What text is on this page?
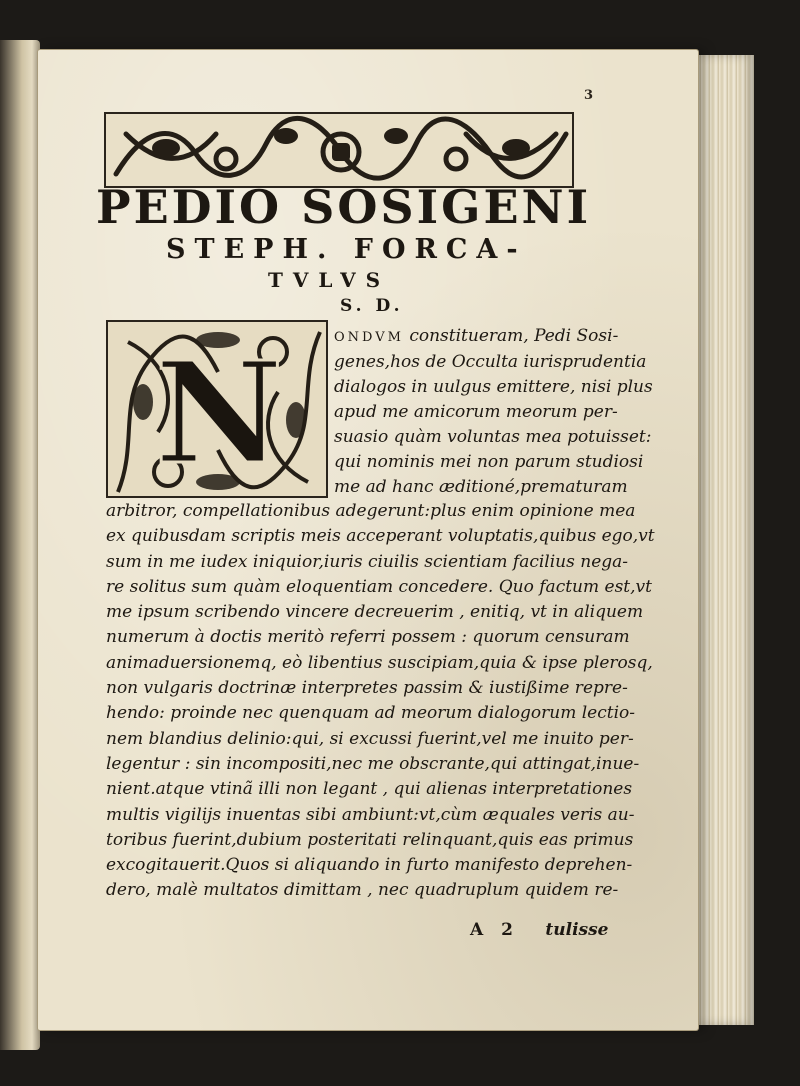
3
PEDIO SOSIGENI
STEPH. FORCA-
TVLVS
S. D.
N	ONDVM constitueram, Pedi Sosi-
genes,hos de Occulta iurisprudentia
dialogos in uulgus emittere, nisi plus
apud me amicorum meorum per-
suasio quàm voluntas mea potuisset:
qui nominis mei non parum studiosi
me ad hanc æditioné,prematuram
arbitror, compellationibus adegerunt:plus enim opinione mea
ex quibusdam scriptis meis acceperant voluptatis,quibus ego,vt
sum in me iudex iniquior,iuris ciuilis scientiam facilius nega-
re solitus sum quàm eloquentiam concedere. Quo factum est,vt
me ipsum scribendo vincere decreuerim , enitiq, vt in aliquem
numerum à doctis meritò referri possem : quorum censuram
animaduersionemq, eò libentius suscipiam,quia & ipse plerosq,
non vulgaris doctrinæ interpretes passim & iustißime repre-
hendo: proinde nec quenquam ad meorum dialogorum lectio-
nem blandius delinio:qui, si excussi fuerint,vel me inuito per-
legentur : sin incompositi,nec me obscrante,qui attingat,inue-
nient.atque vtinã illi non legant , qui alienas interpretationes
multis vigilijs inuentas sibi ambiunt:vt,cùm æquales veris au-
toribus fuerint,dubium posteritati relinquant,quis eas primus
excogitauerit.Quos si aliquando in furto manifesto deprehen-
dero, malè multatos dimittam , nec quadruplum quidem re-
A 2 tulisse
